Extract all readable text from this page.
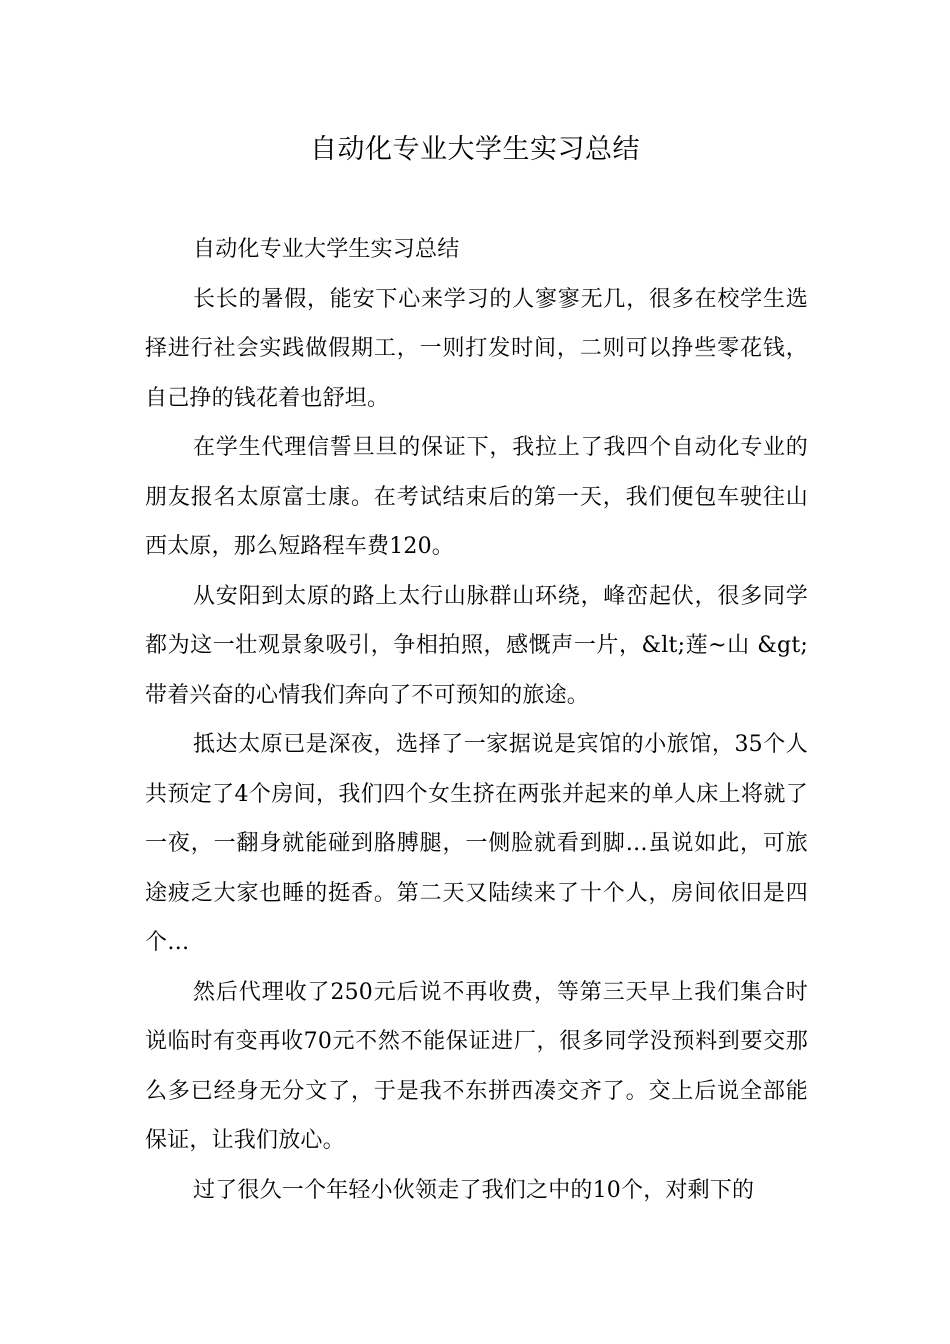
自动化专业大学生实习总结

自动化专业大学生实习总结

长长的暑假，能安下心来学习的人寥寥无几，很多在校学生选择进行社会实践做假期工，一则打发时间，二则可以挣些零花钱，自己挣的钱花着也舒坦。

在学生代理信誓旦旦的保证下，我拉上了我四个自动化专业的朋友报名太原富士康。在考试结束后的第一天，我们便包车驶往山西太原，那么短路程车费120。

从安阳到太原的路上太行山脉群山环绕，峰峦起伏，很多同学都为这一壮观景象吸引，争相拍照，感慨声一片，&lt;莲~山 &gt;带着兴奋的心情我们奔向了不可预知的旅途。

抵达太原已是深夜，选择了一家据说是宾馆的小旅馆，35个人共预定了4个房间，我们四个女生挤在两张并起来的单人床上将就了一夜，一翻身就能碰到胳膊腿，一侧脸就看到脚…虽说如此，可旅途疲乏大家也睡的挺香。第二天又陆续来了十个人，房间依旧是四个…

然后代理收了250元后说不再收费，等第三天早上我们集合时说临时有变再收70元不然不能保证进厂，很多同学没预料到要交那么多已经身无分文了，于是我不东拼西凑交齐了。交上后说全部能保证，让我们放心。

过了很久一个年轻小伙领走了我们之中的10个，对剩下的
